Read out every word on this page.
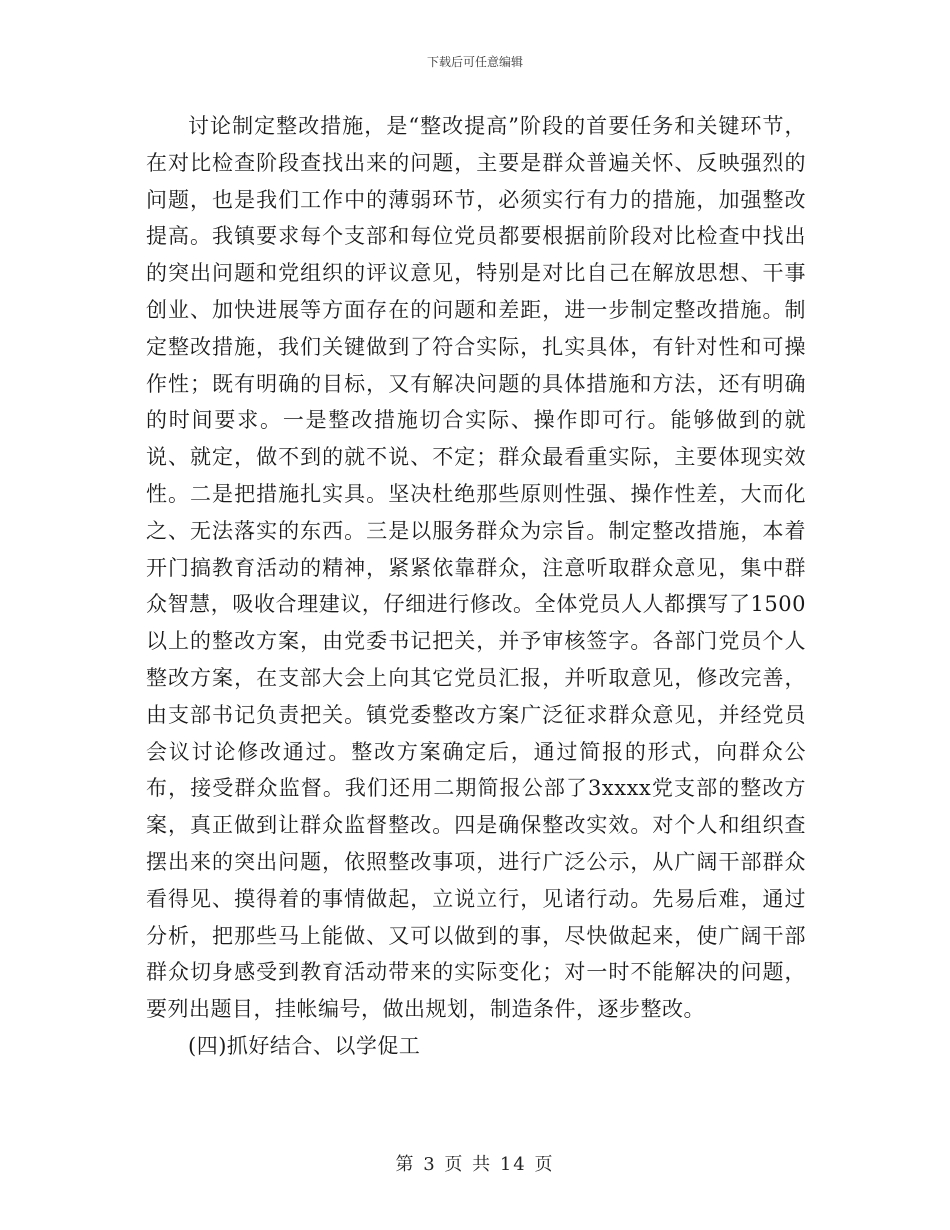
下载后可任意编辑

讨论制定整改措施，是“整改提高”阶段的首要任务和关键环节，在对比检查阶段查找出来的问题，主要是群众普遍关怀、反映强烈的问题，也是我们工作中的薄弱环节，必须实行有力的措施，加强整改提高。我镇要求每个支部和每位党员都要根据前阶段对比检查中找出的突出问题和党组织的评议意见，特别是对比自己在解放思想、干事创业、加快进展等方面存在的问题和差距，进一步制定整改措施。制定整改措施，我们关键做到了符合实际，扎实具体，有针对性和可操作性；既有明确的目标，又有解决问题的具体措施和方法，还有明确的时间要求。一是整改措施切合实际、操作即可行。能够做到的就说、就定，做不到的就不说、不定；群众最看重实际，主要体现实效性。二是把措施扎实具。坚决杜绝那些原则性强、操作性差，大而化之、无法落实的东西。三是以服务群众为宗旨。制定整改措施，本着开门搞教育活动的精神，紧紧依靠群众，注意听取群众意见，集中群众智慧，吸收合理建议，仔细进行修改。全体党员人人都撰写了1500以上的整改方案，由党委书记把关，并予审核签字。各部门党员个人整改方案，在支部大会上向其它党员汇报，并听取意见，修改完善，由支部书记负责把关。镇党委整改方案广泛征求群众意见，并经党员会议讨论修改通过。整改方案确定后，通过简报的形式，向群众公布，接受群众监督。我们还用二期简报公部了3xxxx党支部的整改方案，真正做到让群众监督整改。四是确保整改实效。对个人和组织查摆出来的突出问题，依照整改事项，进行广泛公示，从广阔干部群众看得见、摸得着的事情做起，立说立行，见诸行动。先易后难，通过分析，把那些马上能做、又可以做到的事，尽快做起来，使广阔干部群众切身感受到教育活动带来的实际变化；对一时不能解决的问题，要列出题目，挂帐编号，做出规划，制造条件，逐步整改。

(四)抓好结合、以学促工

第 3 页 共 14 页
